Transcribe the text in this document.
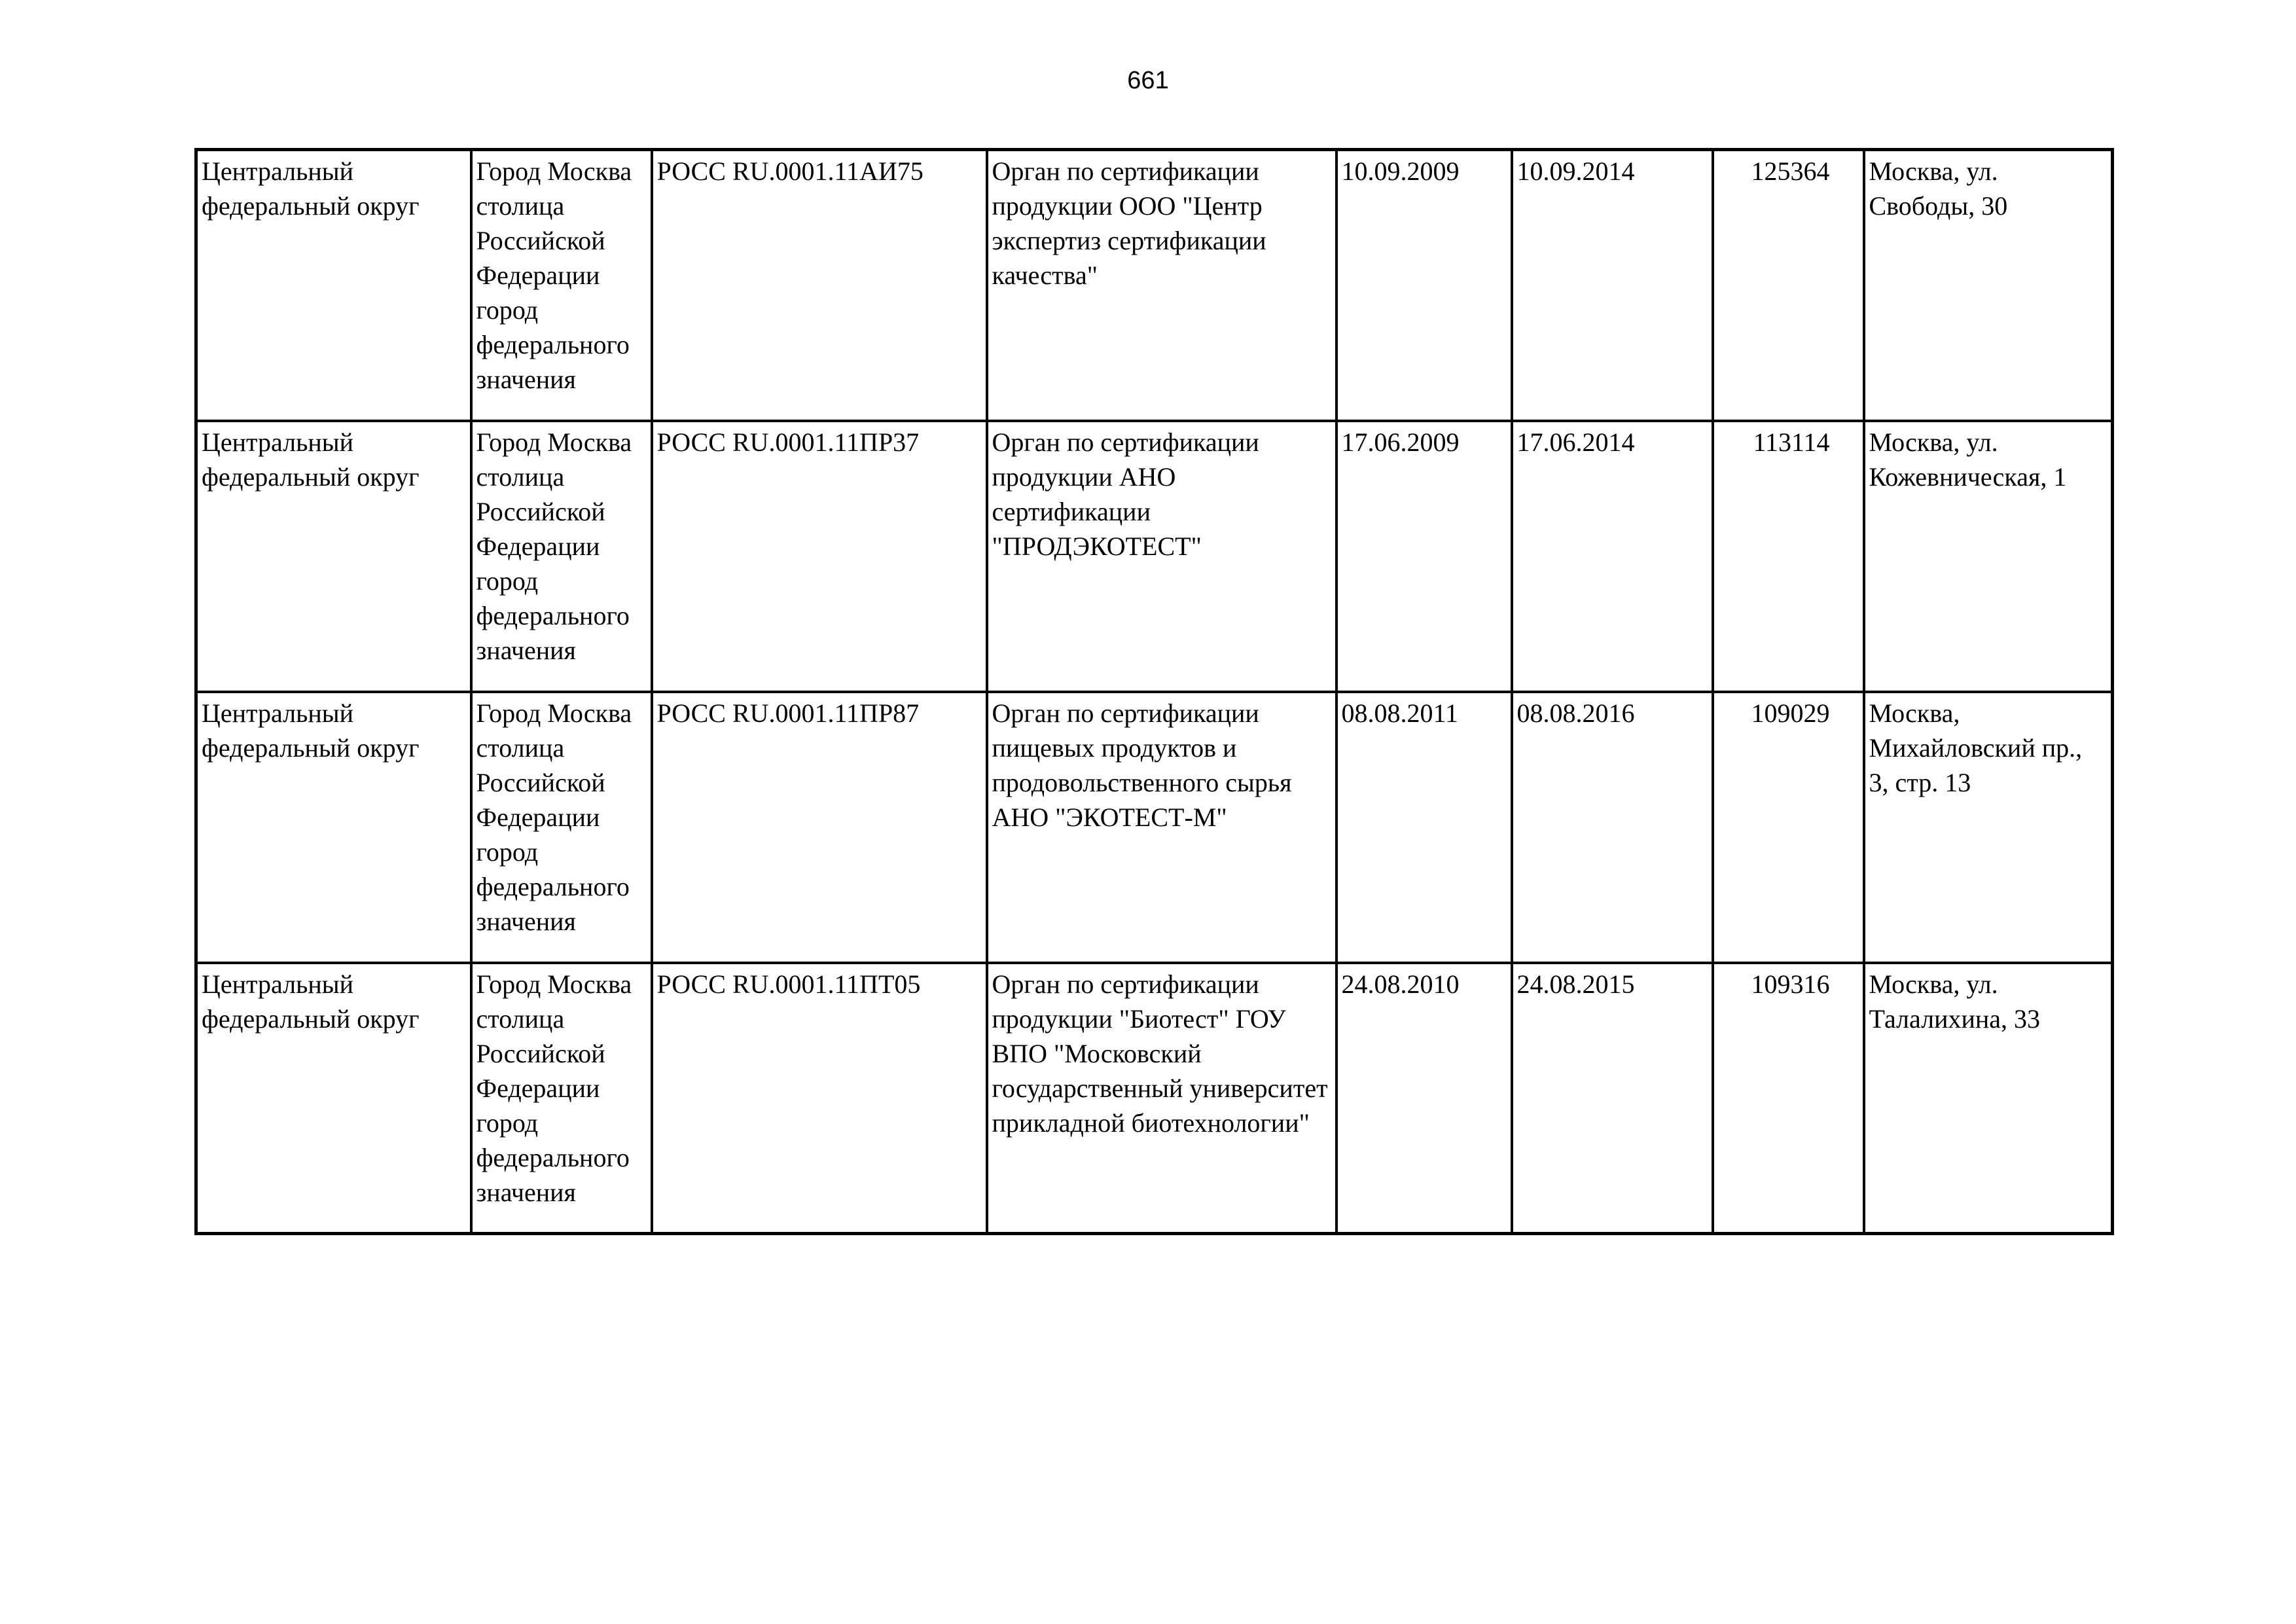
661
Центральный федеральный округ	Город Москва столица Российской Федерации город федерального значения	РОСС RU.0001.11АИ75	Орган по сертификации продукции ООО "Центр экспертиз сертификации качества"	10.09.2009	10.09.2014	125364	Москва, ул. Свободы, 30

Центральный федеральный округ	Город Москва столица Российской Федерации город федерального значения	РОСС RU.0001.11ПР37	Орган по сертификации продукции АНО сертификации "ПРОДЭКОТЕСТ"	17.06.2009	17.06.2014	113114	Москва, ул. Кожевническая, 1

Центральный федеральный округ	Город Москва столица Российской Федерации город федерального значения	РОСС RU.0001.11ПР87	Орган по сертификации пищевых продуктов и продовольственного сырья АНО "ЭКОТЕСТ-М"	08.08.2011	08.08.2016	109029	Москва, Михайловский пр., 3, стр. 13

Центральный федеральный округ	Город Москва столица Российской Федерации город федерального значения	РОСС RU.0001.11ПТ05	Орган по сертификации продукции "Биотест" ГОУ ВПО "Московский государственный университет прикладной биотехнологии"	24.08.2010	24.08.2015	109316	Москва, ул. Талалихина, 33
